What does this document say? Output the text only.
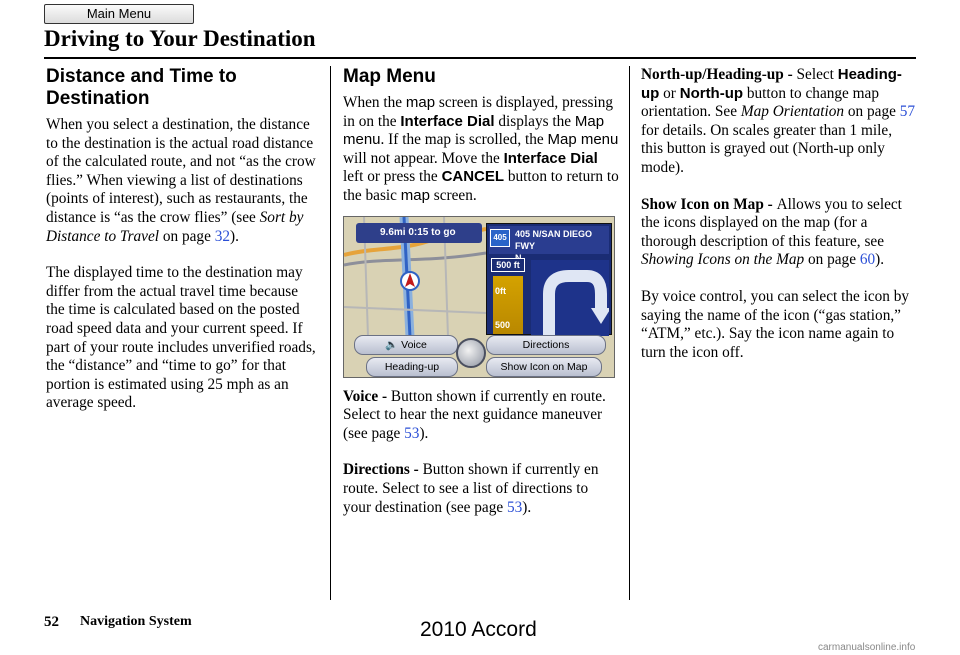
Main Menu
Driving to Your Destination
Distance and Time to Destination

When you select a destination, the distance to the destination is the actual road distance of the calculated route, and not “as the crow flies.” When viewing a list of destinations (points of interest), such as restaurants, the distance is “as the crow flies” (see Sort by Distance to Travel on page 32).

The displayed time to the destination may differ from the actual travel time because the time is calculated based on the posted road speed data and your current speed. If part of your route includes unverified roads, the “distance” and “time to go” for that portion is estimated using 25 mph as an average speed.

Map Menu

When the map screen is displayed, pressing in on the Interface Dial displays the Map menu. If the map is scrolled, the Map menu will not appear. Move the Interface Dial left or press the CANCEL button to return to the basic map screen.

9.6mi 0:15 to go	405 N/SAN DIEGO FWY
405
500 ft
0ft
500
🔈 Voice	Directions
Heading-up	Show Icon on Map

Voice - Button shown if currently en route. Select to hear the next guidance maneuver (see page 53).

Directions - Button shown if currently en route. Select to see a list of directions to your destination (see page 53).

North-up/Heading-up - Select Heading-up or North-up button to change map orientation. See Map Orientation on page 57 for details. On scales greater than 1 mile, this button is grayed out (North-up only mode).

Show Icon on Map - Allows you to select the icons displayed on the map (for a thorough description of this feature, see Showing Icons on the Map on page 60).

By voice control, you can select the icon by saying the name of the icon (“gas station,” “ATM,” etc.). Say the icon name again to turn the icon off.

52 Navigation System	2010 Accord
carmanualsonline.info
